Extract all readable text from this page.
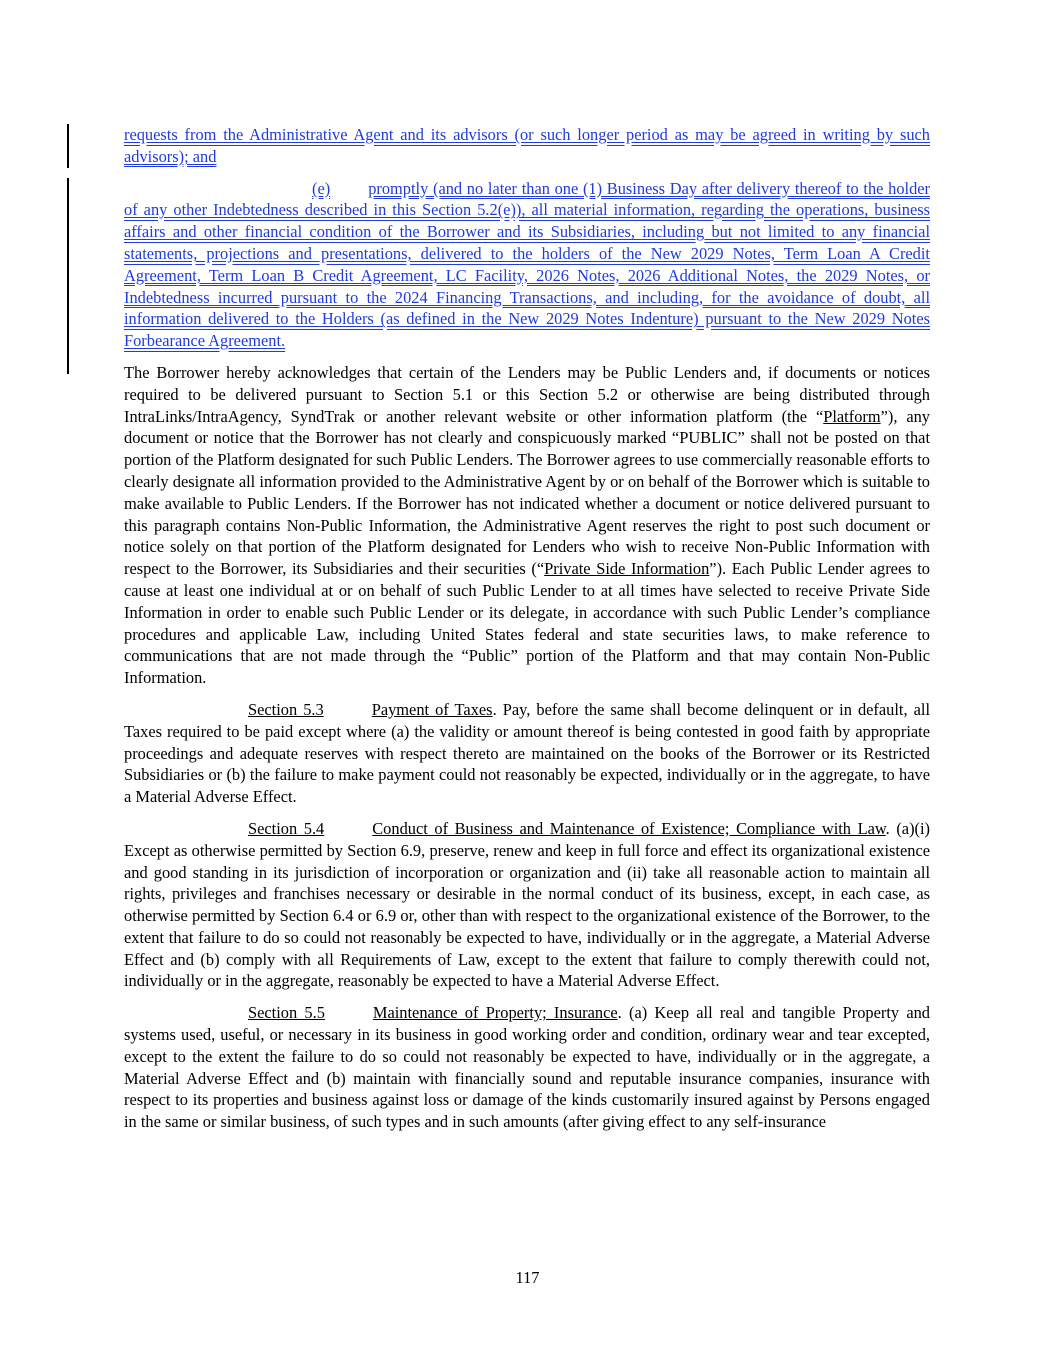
requests from the Administrative Agent and its advisors (or such longer period as may be agreed in writing by such advisors); and

(e) promptly (and no later than one (1) Business Day after delivery thereof to the holder of any other Indebtedness described in this Section 5.2(e)), all material information, regarding the operations, business affairs and other financial condition of the Borrower and its Subsidiaries, including but not limited to any financial statements, projections and presentations, delivered to the holders of the New 2029 Notes, Term Loan A Credit Agreement, Term Loan B Credit Agreement, LC Facility, 2026 Notes, 2026 Additional Notes, the 2029 Notes, or Indebtedness incurred pursuant to the 2024 Financing Transactions, and including, for the avoidance of doubt, all information delivered to the Holders (as defined in the New 2029 Notes Indenture) pursuant to the New 2029 Notes Forbearance Agreement.

The Borrower hereby acknowledges that certain of the Lenders may be Public Lenders and, if documents or notices required to be delivered pursuant to Section 5.1 or this Section 5.2 or otherwise are being distributed through IntraLinks/IntraAgency, SyndTrak or another relevant website or other information platform (the “Platform”), any document or notice that the Borrower has not clearly and conspicuously marked “PUBLIC” shall not be posted on that portion of the Platform designated for such Public Lenders. The Borrower agrees to use commercially reasonable efforts to clearly designate all information provided to the Administrative Agent by or on behalf of the Borrower which is suitable to make available to Public Lenders. If the Borrower has not indicated whether a document or notice delivered pursuant to this paragraph contains Non-Public Information, the Administrative Agent reserves the right to post such document or notice solely on that portion of the Platform designated for Lenders who wish to receive Non-Public Information with respect to the Borrower, its Subsidiaries and their securities (“Private Side Information”). Each Public Lender agrees to cause at least one individual at or on behalf of such Public Lender to at all times have selected to receive Private Side Information in order to enable such Public Lender or its delegate, in accordance with such Public Lender’s compliance procedures and applicable Law, including United States federal and state securities laws, to make reference to communications that are not made through the “Public” portion of the Platform and that may contain Non-Public Information.

Section 5.3	Payment of Taxes. Pay, before the same shall become delinquent or in default, all Taxes required to be paid except where (a) the validity or amount thereof is being contested in good faith by appropriate proceedings and adequate reserves with respect thereto are maintained on the books of the Borrower or its Restricted Subsidiaries or (b) the failure to make payment could not reasonably be expected, individually or in the aggregate, to have a Material Adverse Effect.

Section 5.4	Conduct of Business and Maintenance of Existence; Compliance with Law. (a)(i) Except as otherwise permitted by Section 6.9, preserve, renew and keep in full force and effect its organizational existence and good standing in its jurisdiction of incorporation or organization and (ii) take all reasonable action to maintain all rights, privileges and franchises necessary or desirable in the normal conduct of its business, except, in each case, as otherwise permitted by Section 6.4 or 6.9 or, other than with respect to the organizational existence of the Borrower, to the extent that failure to do so could not reasonably be expected to have, individually or in the aggregate, a Material Adverse Effect and (b) comply with all Requirements of Law, except to the extent that failure to comply therewith could not, individually or in the aggregate, reasonably be expected to have a Material Adverse Effect.

Section 5.5	Maintenance of Property; Insurance. (a) Keep all real and tangible Property and systems used, useful, or necessary in its business in good working order and condition, ordinary wear and tear excepted, except to the extent the failure to do so could not reasonably be expected to have, individually or in the aggregate, a Material Adverse Effect and (b) maintain with financially sound and reputable insurance companies, insurance with respect to its properties and business against loss or damage of the kinds customarily insured against by Persons engaged in the same or similar business, of such types and in such amounts (after giving effect to any self-insurance

117
